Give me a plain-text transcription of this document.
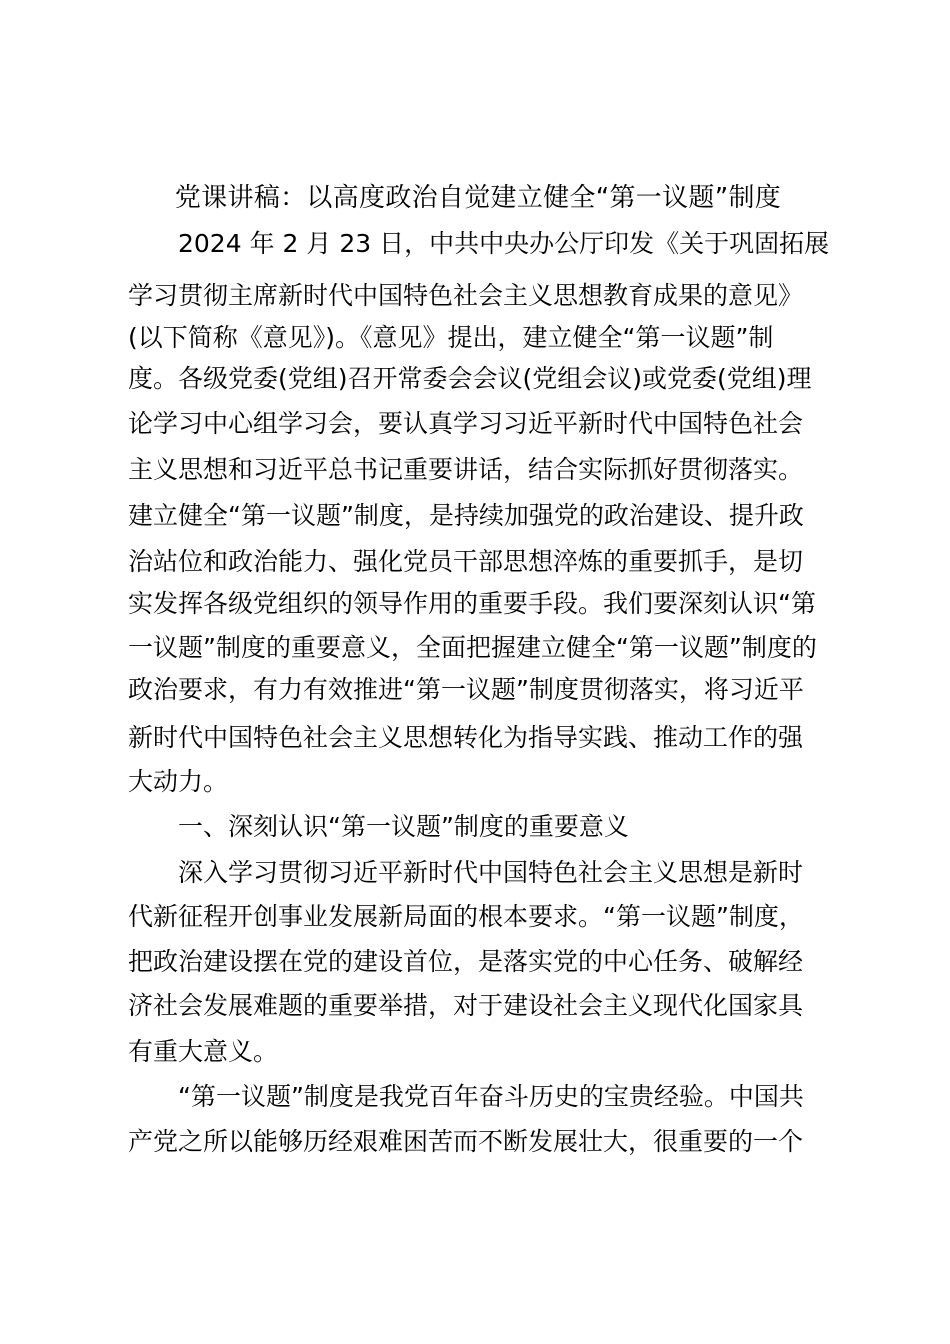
党课讲稿：以高度政治自觉建立健全“第一议题”制度
2024 年 2 月 23 日，中共中央办公厅印发《关于巩固拓展
学习贯彻主席新时代中国特色社会主义思想教育成果的意见》
(以下简称《意见》)。《意见》提出，建立健全“第一议题”制
度。各级党委(党组)召开常委会会议(党组会议)或党委(党组)理
论学习中心组学习会，要认真学习习近平新时代中国特色社会
主义思想和习近平总书记重要讲话，结合实际抓好贯彻落实。
建立健全“第一议题”制度，是持续加强党的政治建设、提升政
治站位和政治能力、强化党员干部思想淬炼的重要抓手，是切
实发挥各级党组织的领导作用的重要手段。我们要深刻认识“第
一议题”制度的重要意义，全面把握建立健全“第一议题”制度的
政治要求，有力有效推进“第一议题”制度贯彻落实，将习近平
新时代中国特色社会主义思想转化为指导实践、推动工作的强
大动力。
一、深刻认识“第一议题”制度的重要意义
深入学习贯彻习近平新时代中国特色社会主义思想是新时
代新征程开创事业发展新局面的根本要求。“第一议题”制度，
把政治建设摆在党的建设首位，是落实党的中心任务、破解经
济社会发展难题的重要举措，对于建设社会主义现代化国家具
有重大意义。
“第一议题”制度是我党百年奋斗历史的宝贵经验。中国共
产党之所以能够历经艰难困苦而不断发展壮大，很重要的一个
